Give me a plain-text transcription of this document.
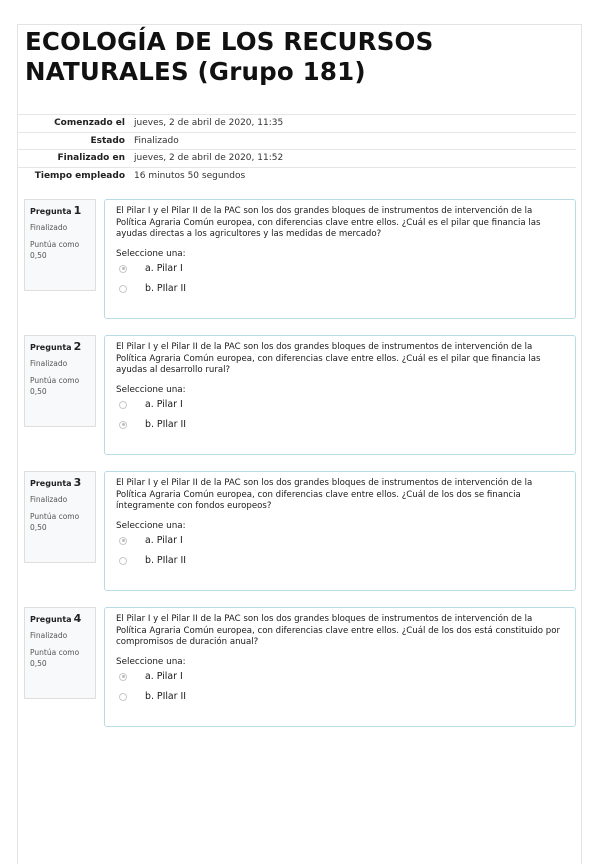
ECOLOGÍA DE LOS RECURSOS NATURALES (Grupo 181)
Comenzado el	jueves, 2 de abril de 2020, 11:35
Estado	Finalizado
Finalizado en	jueves, 2 de abril de 2020, 11:52
Tiempo empleado	16 minutos 50 segundos
Pregunta 1
Finalizado
Puntúa como
0,50

El Pilar I y el Pilar II de la PAC son los dos grandes bloques de instrumentos de intervención de la Política Agraria Común europea, con diferencias clave entre ellos. ¿Cuál es el pilar que financia las ayudas directas a los agricultores y las medidas de mercado?

Seleccione una:
a. Pilar I
b. PIlar II
Pregunta 2
Finalizado
Puntúa como
0,50

El Pilar I y el Pilar II de la PAC son los dos grandes bloques de instrumentos de intervención de la Política Agraria Común europea, con diferencias clave entre ellos. ¿Cuál es el pilar que financia las ayudas al desarrollo rural?

Seleccione una:
a. Pilar I
b. PIlar II
Pregunta 3
Finalizado
Puntúa como
0,50

El Pilar I y el Pilar II de la PAC son los dos grandes bloques de instrumentos de intervención de la Política Agraria Común europea, con diferencias clave entre ellos. ¿Cuál de los dos se financia íntegramente con fondos europeos?

Seleccione una:
a. Pilar I
b. PIlar II
Pregunta 4
Finalizado
Puntúa como
0,50

El Pilar I y el Pilar II de la PAC son los dos grandes bloques de instrumentos de intervención de la Política Agraria Común europea, con diferencias clave entre ellos. ¿Cuál de los dos está constituido por compromisos de duración anual?

Seleccione una:
a. Pilar I
b. PIlar II
